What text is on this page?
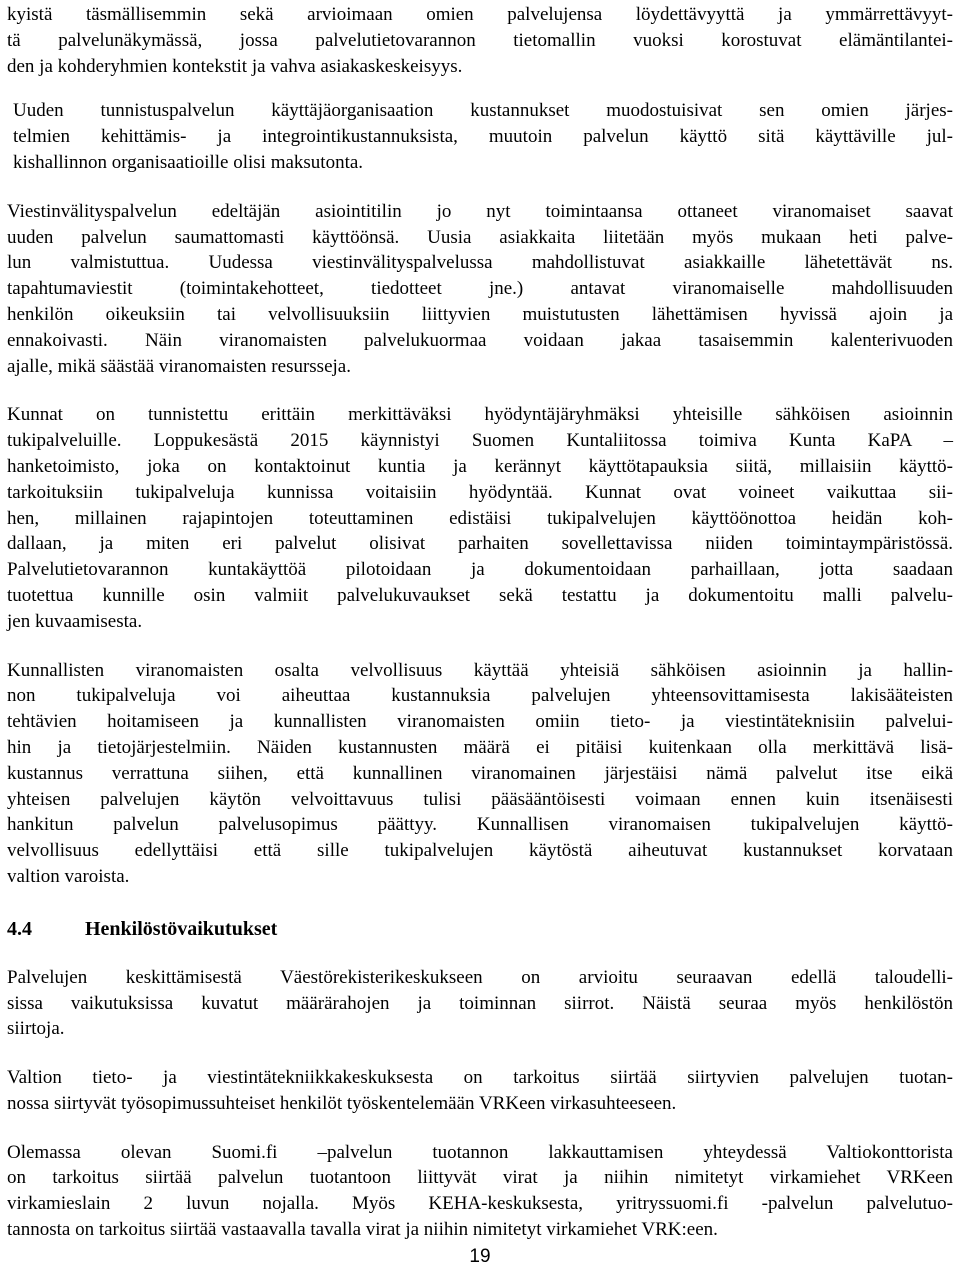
kyistä täsmällisemmin sekä arvioimaan omien palvelujensa löydettävyyttä ja ymmärrettävyyt-
tä palvelunäkymässä, jossa palvelutietovarannon tietomallin vuoksi korostuvat elämäntilantei-
den ja kohderyhmien kontekstit ja vahva asiakaskeskeisyys.

Uuden tunnistuspalvelun käyttäjäorganisaation kustannukset muodostuisivat sen omien järjes-
telmien kehittämis- ja integrointikustannuksista, muutoin palvelun käyttö sitä käyttäville jul-
kishallinnon organisaatioille olisi maksutonta.

Viestinvälityspalvelun edeltäjän asiointitilin jo nyt toimintaansa ottaneet viranomaiset saavat
uuden palvelun saumattomasti käyttöönsä. Uusia asiakkaita liitetään myös mukaan heti palve-
lun valmistuttua. Uudessa viestinvälityspalvelussa mahdollistuvat asiakkaille lähetettävät ns.
tapahtumaviestit (toimintakehotteet, tiedotteet jne.) antavat viranomaiselle mahdollisuuden
henkilön oikeuksiin tai velvollisuuksiin liittyvien muistutusten lähettämisen hyvissä ajoin ja
ennakoivasti. Näin viranomaisten palvelukuormaa voidaan jakaa tasaisemmin kalenterivuoden
ajalle, mikä säästää viranomaisten resursseja.

Kunnat on tunnistettu erittäin merkittäväksi hyödyntäjäryhmäksi yhteisille sähköisen asioinnin
tukipalveluille. Loppukesästä 2015 käynnistyi Suomen Kuntaliitossa toimiva Kunta KaPA –
hanketoimisto, joka on kontaktoinut kuntia ja kerännyt käyttötapauksia siitä, millaisiin käyttö-
tarkoituksiin tukipalveluja kunnissa voitaisiin hyödyntää. Kunnat ovat voineet vaikuttaa sii-
hen, millainen rajapintojen toteuttaminen edistäisi tukipalvelujen käyttöönottoa heidän koh-
dallaan, ja miten eri palvelut olisivat parhaiten sovellettavissa niiden toimintaympäristössä.
Palvelutietovarannon kuntakäyttöä pilotoidaan ja dokumentoidaan parhaillaan, jotta saadaan
tuotettua kunnille osin valmiit palvelukuvaukset sekä testattu ja dokumentoitu malli palvelu-
jen kuvaamisesta.

Kunnallisten viranomaisten osalta velvollisuus käyttää yhteisiä sähköisen asioinnin ja hallin-
non tukipalveluja voi aiheuttaa kustannuksia palvelujen yhteensovittamisesta lakisääteisten
tehtävien hoitamiseen ja kunnallisten viranomaisten omiin tieto- ja viestintäteknisiin palvelui-
hin ja tietojärjestelmiin. Näiden kustannusten määrä ei pitäisi kuitenkaan olla merkittävä lisä-
kustannus verrattuna siihen, että kunnallinen viranomainen järjestäisi nämä palvelut itse eikä
yhteisen palvelujen käytön velvoittavuus tulisi pääsääntöisesti voimaan ennen kuin itsenäisesti
hankitun palvelun palvelusopimus päättyy. Kunnallisen viranomaisen tukipalvelujen käyttö-
velvollisuus edellyttäisi että sille tukipalvelujen käytöstä aiheutuvat kustannukset korvataan
valtion varoista.

4.4	Henkilöstövaikutukset

Palvelujen keskittämisestä Väestörekisterikeskukseen on arvioitu seuraavan edellä taloudelli-
sissa vaikutuksissa kuvatut määrärahojen ja toiminnan siirrot. Näistä seuraa myös henkilöstön
siirtoja.

Valtion tieto- ja viestintätekniikkakeskuksesta on tarkoitus siirtää siirtyvien palvelujen tuotan-
nossa siirtyvät työsopimussuhteiset henkilöt työskentelemään VRKeen virkasuhteeseen.

Olemassa olevan Suomi.fi –palvelun tuotannon lakkauttamisen yhteydessä Valtiokonttorista
on tarkoitus siirtää palvelun tuotantoon liittyvät virat ja niihin nimitetyt virkamiehet VRKeen
virkamieslain 2 luvun nojalla. Myös KEHA-keskuksesta, yritryssuomi.fi -palvelun palvelutuo-
tannosta on tarkoitus siirtää vastaavalla tavalla virat ja niihin nimitetyt virkamiehet VRK:een.

19
